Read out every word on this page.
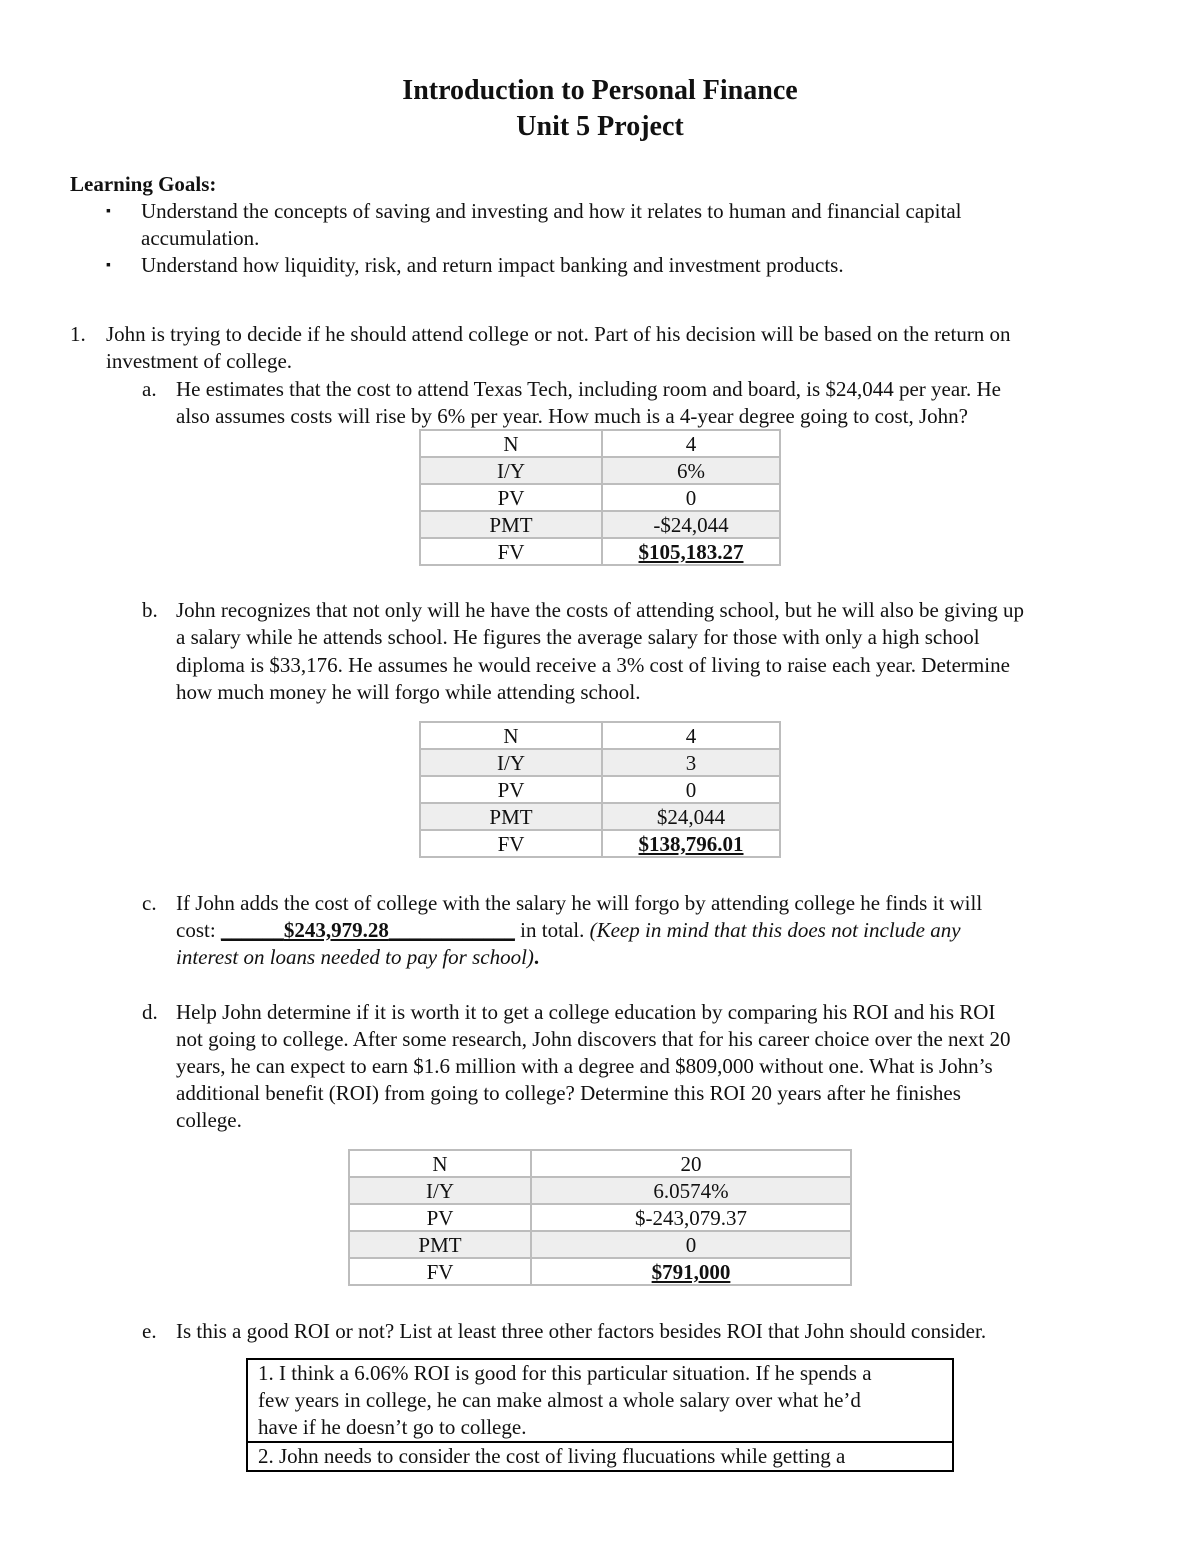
Introduction to Personal Finance
Unit 5 Project
Learning Goals:
▪ Understand the concepts of saving and investing and how it relates to human and financial capital
accumulation.
▪ Understand how liquidity, risk, and return impact banking and investment products.
1. John is trying to decide if he should attend college or not. Part of his decision will be based on the return on
investment of college.
a. He estimates that the cost to attend Texas Tech, including room and board, is $24,044 per year. He
also assumes costs will rise by 6% per year. How much is a 4-year degree going to cost, John?
N	4
I/Y	6%
PV	0
PMT	-$24,044
FV	$105,183.27
b. John recognizes that not only will he have the costs of attending school, but he will also be giving up
a salary while he attends school. He figures the average salary for those with only a high school
diploma is $33,176. He assumes he would receive a 3% cost of living to raise each year. Determine
how much money he will forgo while attending school.
N	4
I/Y	3
PV	0
PMT	$24,044
FV	$138,796.01
c. If John adds the cost of college with the salary he will forgo by attending college he finds it will
cost: ______$243,979.28____________ in total. (Keep in mind that this does not include any
interest on loans needed to pay for school).
d. Help John determine if it is worth it to get a college education by comparing his ROI and his ROI
not going to college. After some research, John discovers that for his career choice over the next 20
years, he can expect to earn $1.6 million with a degree and $809,000 without one. What is John’s
additional benefit (ROI) from going to college? Determine this ROI 20 years after he finishes
college.
N	20
I/Y	6.0574%
PV	$-243,079.37
PMT	0
FV	$791,000
e. Is this a good ROI or not? List at least three other factors besides ROI that John should consider.
1. I think a 6.06% ROI is good for this particular situation. If he spends a
few years in college, he can make almost a whole salary over what he’d
have if he doesn’t go to college.

2. John needs to consider the cost of living flucuations while getting a
